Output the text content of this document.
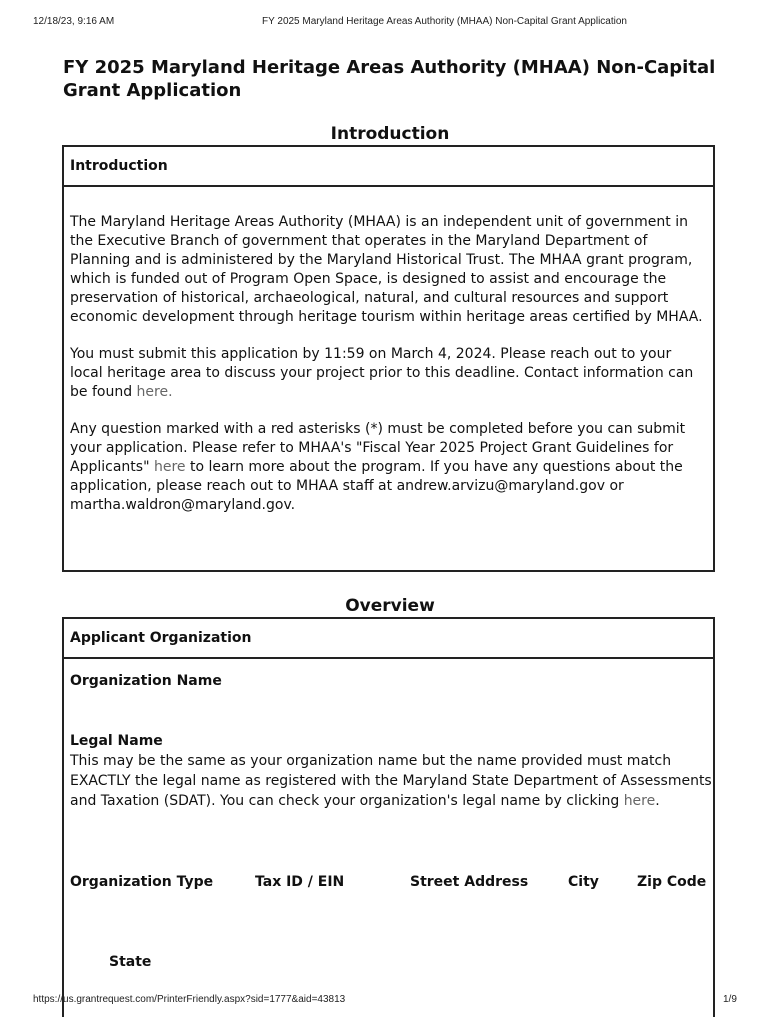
12/18/23, 9:16 AM	FY 2025 Maryland Heritage Areas Authority (MHAA) Non-Capital Grant Application
FY 2025 Maryland Heritage Areas Authority (MHAA) Non-Capital Grant Application
Introduction
Introduction

The Maryland Heritage Areas Authority (MHAA) is an independent unit of government in the Executive Branch of government that operates in the Maryland Department of Planning and is administered by the Maryland Historical Trust. The MHAA grant program, which is funded out of Program Open Space, is designed to assist and encourage the preservation of historical, archaeological, natural, and cultural resources and support economic development through heritage tourism within heritage areas certified by MHAA.

You must submit this application by 11:59 on March 4, 2024. Please reach out to your local heritage area to discuss your project prior to this deadline. Contact information can be found here.

Any question marked with a red asterisks (*) must be completed before you can submit your application. Please refer to MHAA's "Fiscal Year 2025 Project Grant Guidelines for Applicants" here to learn more about the program. If you have any questions about the application, please reach out to MHAA staff at andrew.arvizu@maryland.gov or martha.waldron@maryland.gov.

Overview
Applicant Organization
Organization Name
Legal Name
This may be the same as your organization name but the name provided must match EXACTLY the legal name as registered with the Maryland State Department of Assessments and Taxation (SDAT). You can check your organization's legal name by clicking here.
Organization Type	Tax ID / EIN	Street Address	City	Zip Code
State
https://us.grantrequest.com/PrinterFriendly.aspx?sid=1777&aid=43813	1/9
